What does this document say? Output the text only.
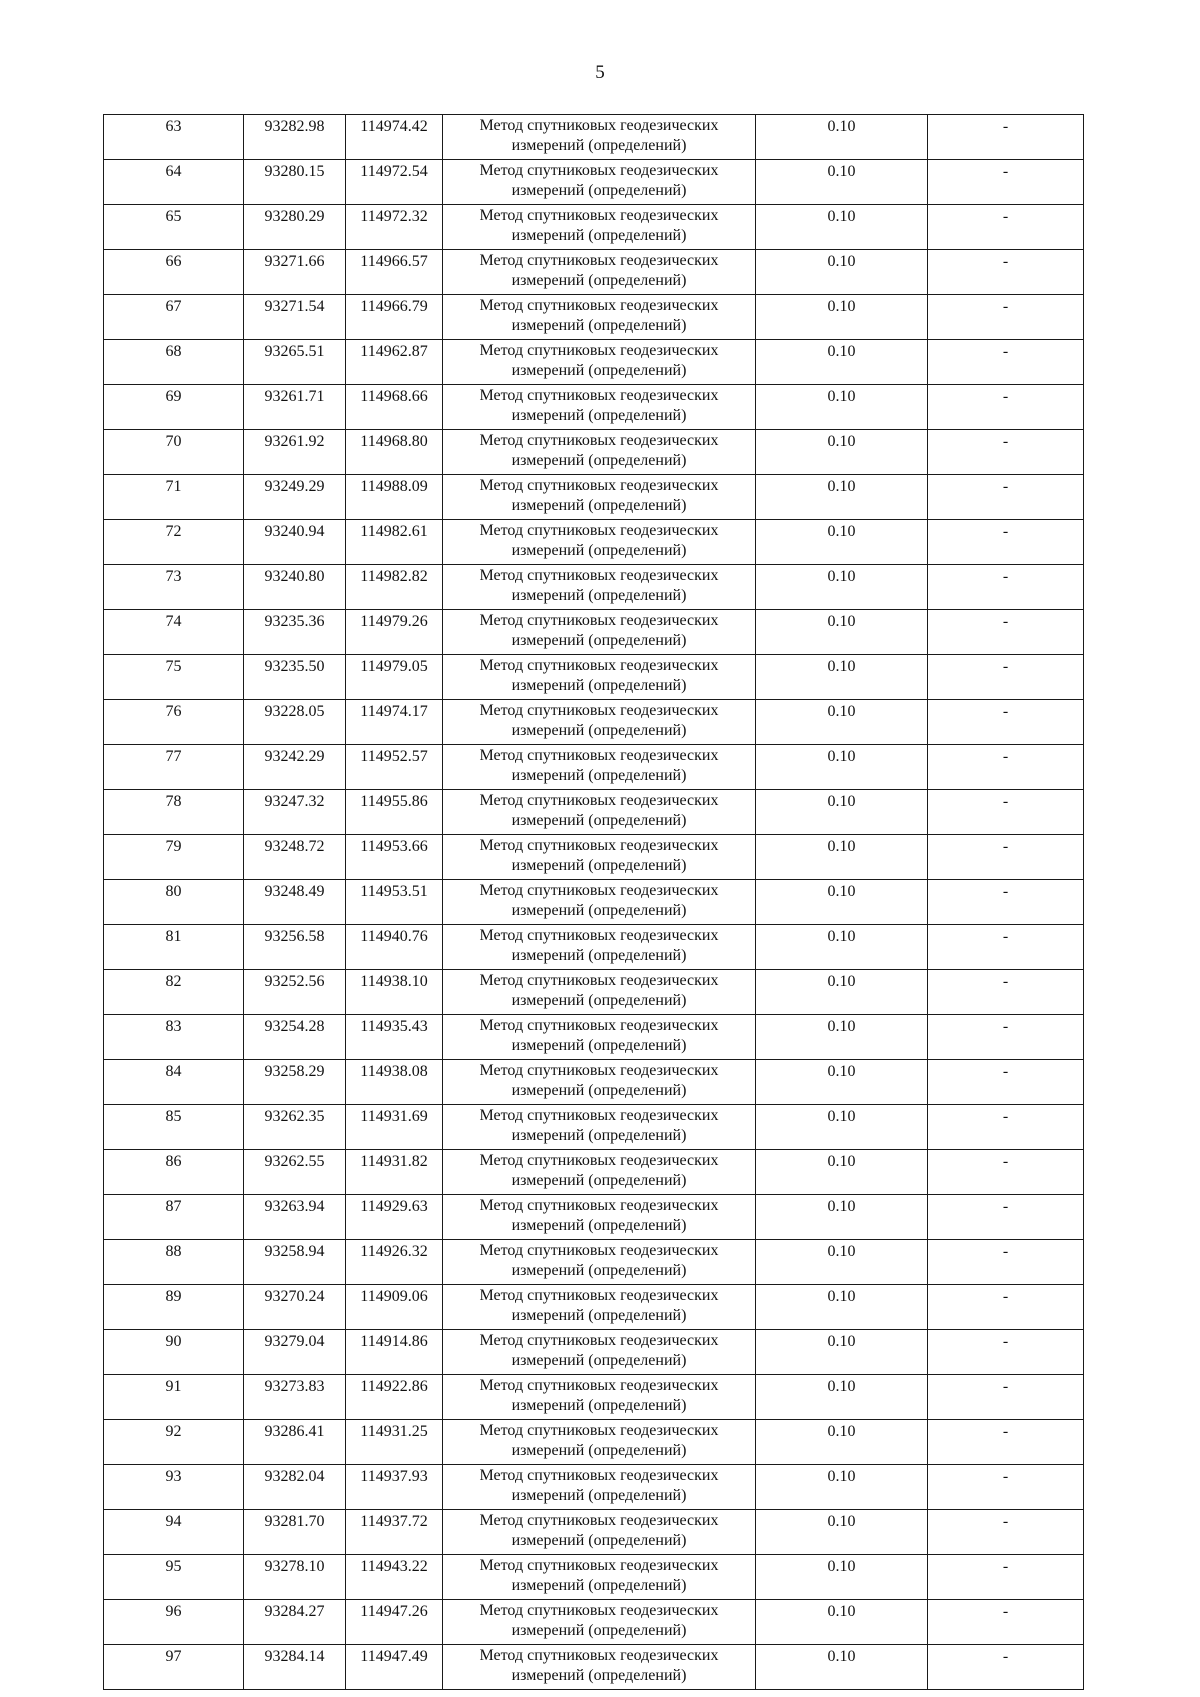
5
63	93282.98	114974.42	Метод спутниковых геодезических
измерений (определений)	0.10	-
64	93280.15	114972.54	Метод спутниковых геодезических
измерений (определений)	0.10	-
65	93280.29	114972.32	Метод спутниковых геодезических
измерений (определений)	0.10	-
66	93271.66	114966.57	Метод спутниковых геодезических
измерений (определений)	0.10	-
67	93271.54	114966.79	Метод спутниковых геодезических
измерений (определений)	0.10	-
68	93265.51	114962.87	Метод спутниковых геодезических
измерений (определений)	0.10	-
69	93261.71	114968.66	Метод спутниковых геодезических
измерений (определений)	0.10	-
70	93261.92	114968.80	Метод спутниковых геодезических
измерений (определений)	0.10	-
71	93249.29	114988.09	Метод спутниковых геодезических
измерений (определений)	0.10	-
72	93240.94	114982.61	Метод спутниковых геодезических
измерений (определений)	0.10	-
73	93240.80	114982.82	Метод спутниковых геодезических
измерений (определений)	0.10	-
74	93235.36	114979.26	Метод спутниковых геодезических
измерений (определений)	0.10	-
75	93235.50	114979.05	Метод спутниковых геодезических
измерений (определений)	0.10	-
76	93228.05	114974.17	Метод спутниковых геодезических
измерений (определений)	0.10	-
77	93242.29	114952.57	Метод спутниковых геодезических
измерений (определений)	0.10	-
78	93247.32	114955.86	Метод спутниковых геодезических
измерений (определений)	0.10	-
79	93248.72	114953.66	Метод спутниковых геодезических
измерений (определений)	0.10	-
80	93248.49	114953.51	Метод спутниковых геодезических
измерений (определений)	0.10	-
81	93256.58	114940.76	Метод спутниковых геодезических
измерений (определений)	0.10	-
82	93252.56	114938.10	Метод спутниковых геодезических
измерений (определений)	0.10	-
83	93254.28	114935.43	Метод спутниковых геодезических
измерений (определений)	0.10	-
84	93258.29	114938.08	Метод спутниковых геодезических
измерений (определений)	0.10	-
85	93262.35	114931.69	Метод спутниковых геодезических
измерений (определений)	0.10	-
86	93262.55	114931.82	Метод спутниковых геодезических
измерений (определений)	0.10	-
87	93263.94	114929.63	Метод спутниковых геодезических
измерений (определений)	0.10	-
88	93258.94	114926.32	Метод спутниковых геодезических
измерений (определений)	0.10	-
89	93270.24	114909.06	Метод спутниковых геодезических
измерений (определений)	0.10	-
90	93279.04	114914.86	Метод спутниковых геодезических
измерений (определений)	0.10	-
91	93273.83	114922.86	Метод спутниковых геодезических
измерений (определений)	0.10	-
92	93286.41	114931.25	Метод спутниковых геодезических
измерений (определений)	0.10	-
93	93282.04	114937.93	Метод спутниковых геодезических
измерений (определений)	0.10	-
94	93281.70	114937.72	Метод спутниковых геодезических
измерений (определений)	0.10	-
95	93278.10	114943.22	Метод спутниковых геодезических
измерений (определений)	0.10	-
96	93284.27	114947.26	Метод спутниковых геодезических
измерений (определений)	0.10	-
97	93284.14	114947.49	Метод спутниковых геодезических
измерений (определений)	0.10	-
